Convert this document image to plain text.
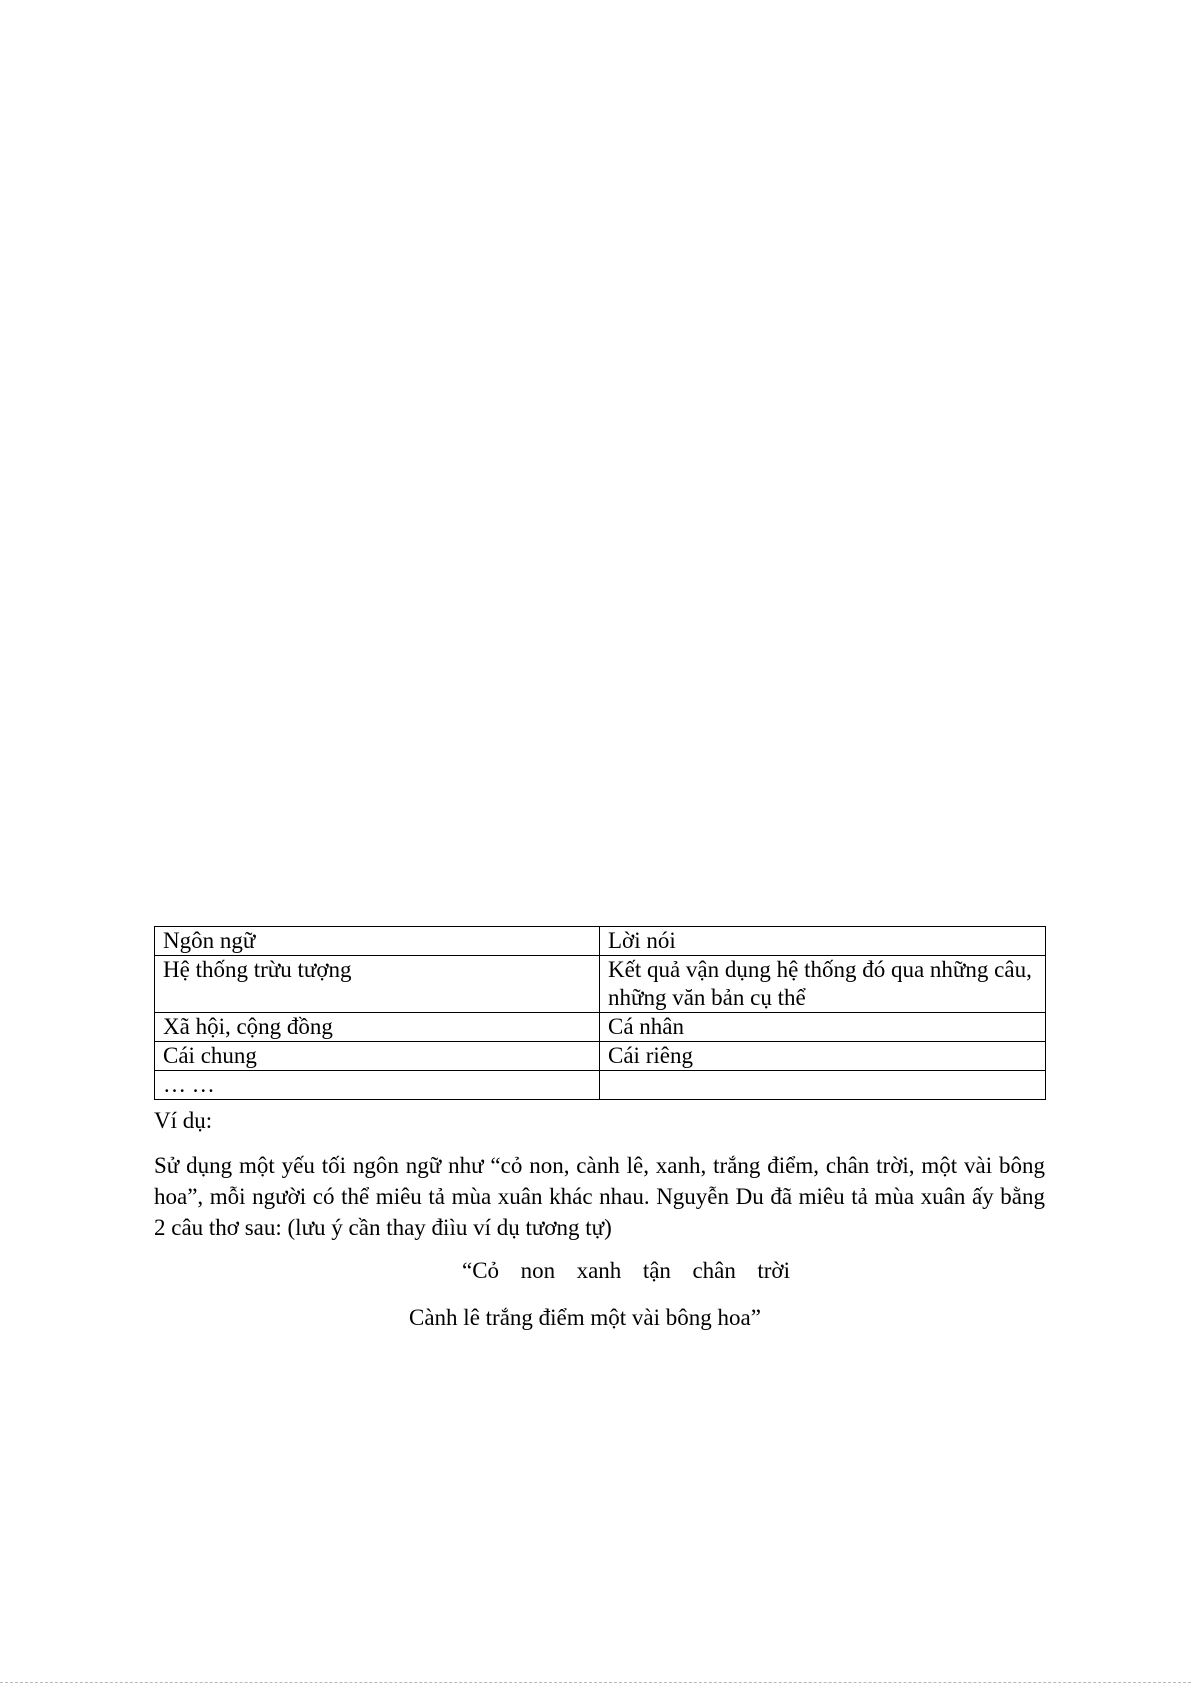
Ngôn ngữ	Lời nói
Hệ thống trừu tượng	Kết quả vận dụng hệ thống đó qua những câu, những văn bản cụ thể
Xã hội, cộng đồng	Cá nhân
Cái chung	Cái riêng
… …	
Ví dụ:
Sử dụng một yếu tối ngôn ngữ như “cỏ non, cành lê, xanh, trắng điểm, chân trời, một vài bông hoa”, mỗi người có thể miêu tả mùa xuân khác nhau. Nguyễn Du đã miêu tả mùa xuân ấy bằng 2 câu thơ sau: (lưu ý cần thay điìu ví dụ tương tự)
“Cỏ non xanh tận chân trời
Cành lê trắng điểm một vài bông hoa”
